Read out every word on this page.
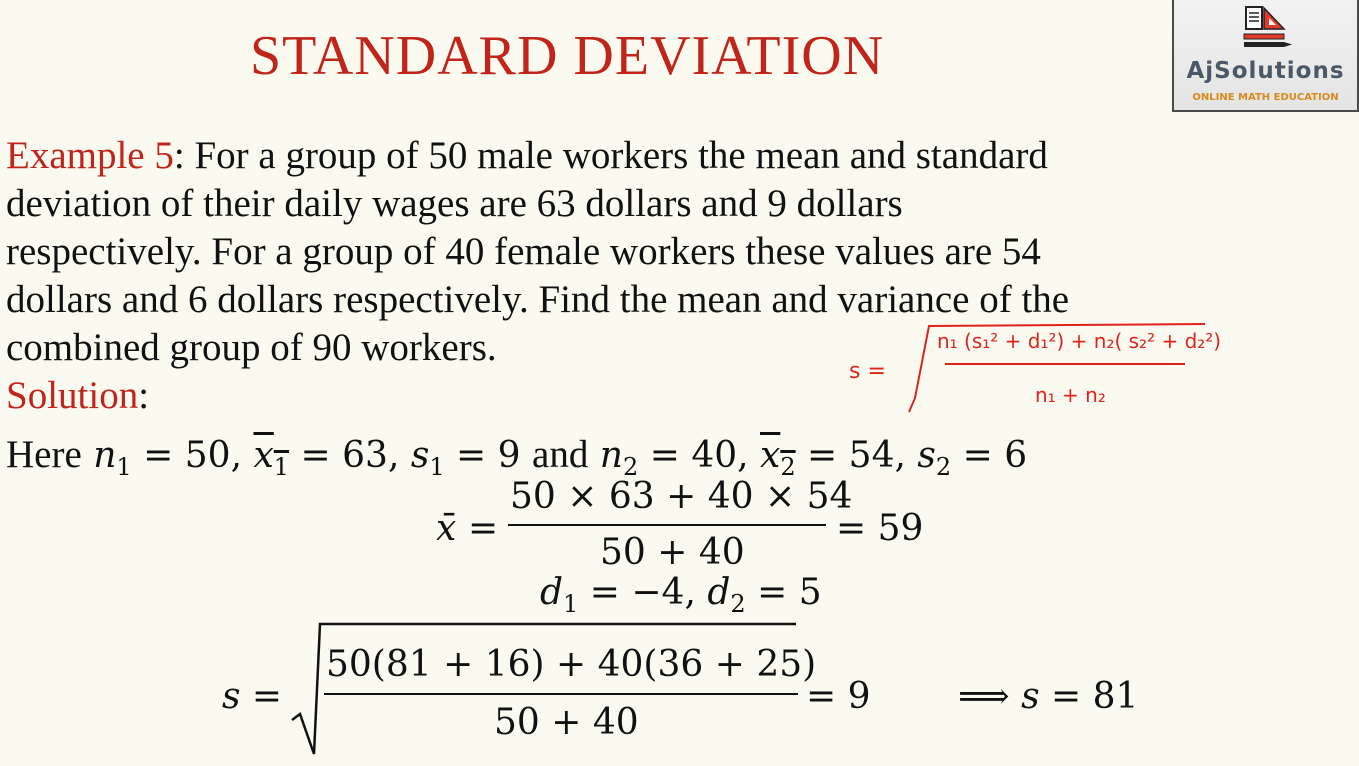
STANDARD DEVIATION	AjSolutions
ONLINE MATH EDUCATION
Example 5: For a group of 50 male workers the mean and standard
deviation of their daily wages are 63 dollars and 9 dollars
respectively. For a group of 40 female workers these values are 54
dollars and 6 dollars respectively. Find the mean and variance of the
combined group of 90 workers.
Solution:
s =
n₁ (s₁² + d₁²) + n₂( s₂² + d₂²)
n₁ + n₂
Here $n_1 = 50$, $x_1 = 63$, $s_1 = 9$ and $n_2 = 40$, $x_2 = 54$, $s_2 = 6$
x̄ =
50 × 63 + 40 × 54
50 + 40
= 59
$d_1 = -4$, $d_2 = 5$
s =
50(81 + 16) + 40(36 + 25)
50 + 40
= 9 ⟹ s = 81
